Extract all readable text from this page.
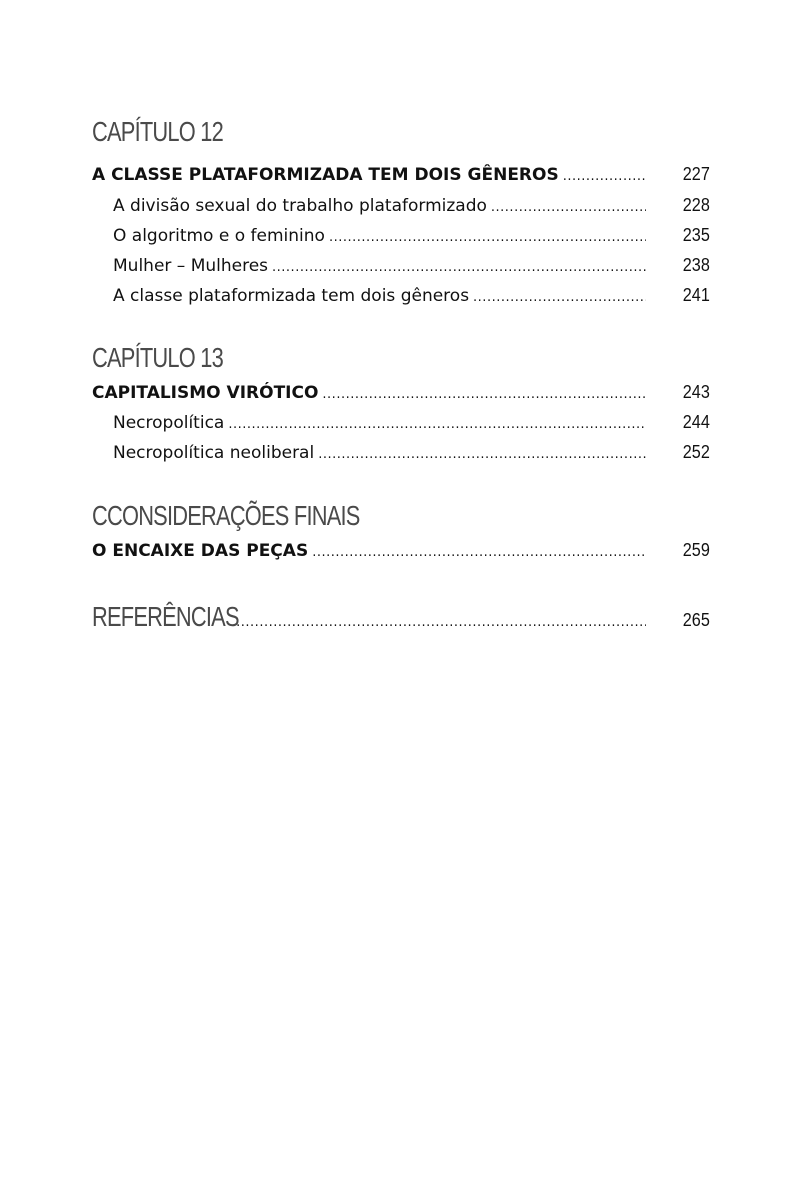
CAPÍTULO 12
A CLASSE PLATAFORMIZADA TEM DOIS GÊNEROS .....	227
A divisão sexual do trabalho plataformizado .....	228
O algoritmo e o feminino .....	235
Mulher – Mulheres .....	238
A classe plataformizada tem dois gêneros .....	241
CAPÍTULO 13
CAPITALISMO VIRÓTICO .....	243
Necropolítica .....	244
Necropolítica neoliberal .....	252
CCONSIDERAÇÕES FINAIS
O ENCAIXE DAS PEÇAS .....	259
REFERÊNCIAS .....	265
